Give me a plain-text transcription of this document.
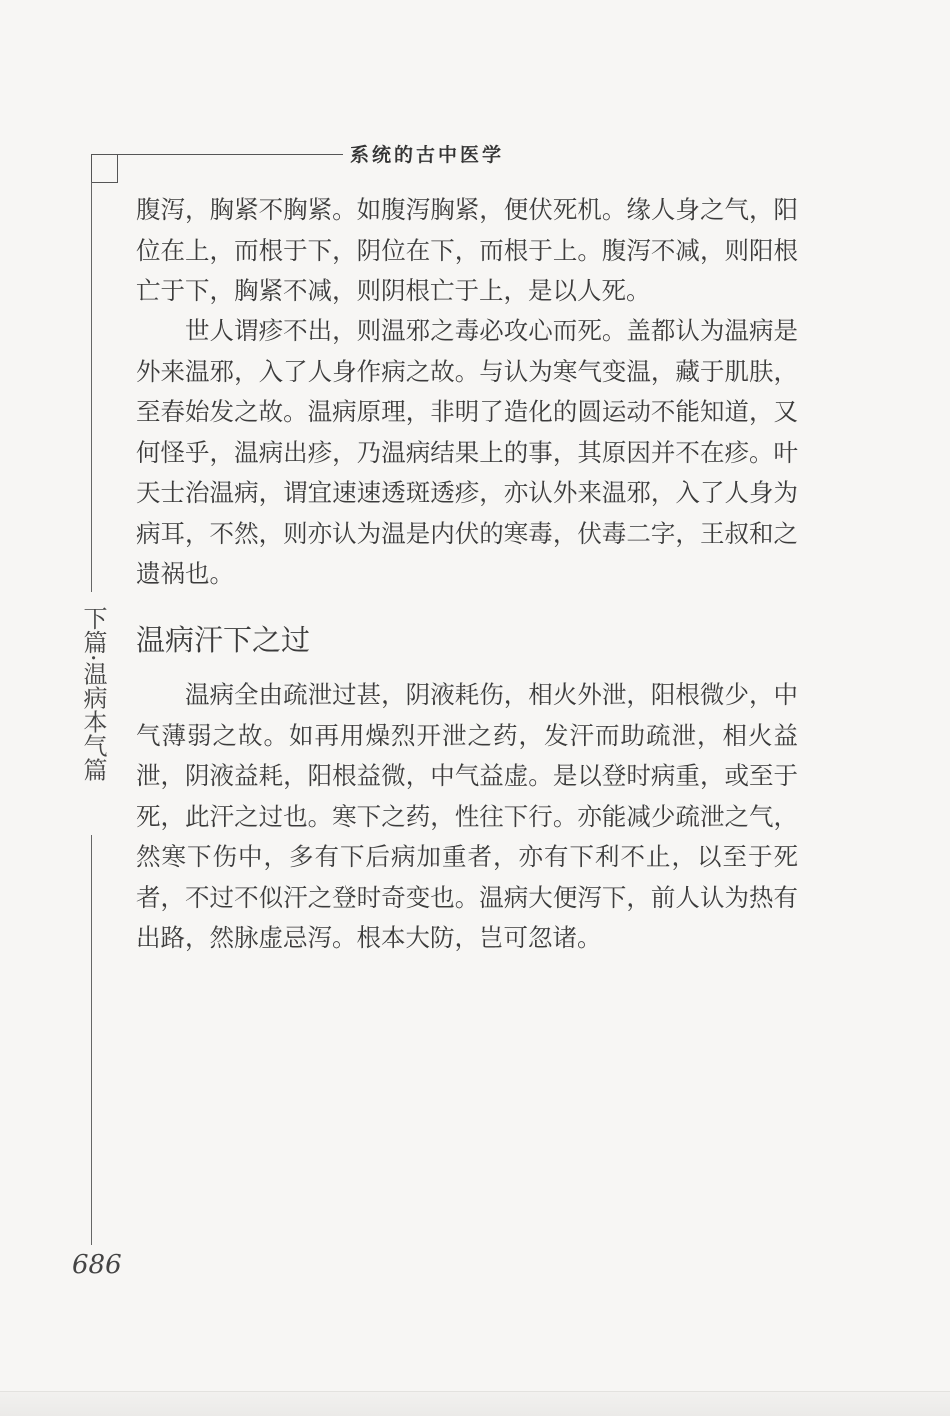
系统的古中医学
下篇·温病本气篇

腹泻，胸紧不胸紧。如腹泻胸紧，便伏死机。缘人身之气，阳位在上，而根于下，阴位在下，而根于上。腹泻不减，则阳根亡于下，胸紧不减，则阴根亡于上，是以人死。

世人谓疹不出，则温邪之毒必攻心而死。盖都认为温病是外来温邪，入了人身作病之故。与认为寒气变温，藏于肌肤，至春始发之故。温病原理，非明了造化的圆运动不能知道，又何怪乎，温病出疹，乃温病结果上的事，其原因并不在疹。叶天士治温病，谓宜速速透斑透疹，亦认外来温邪，入了人身为病耳，不然，则亦认为温是内伏的寒毒，伏毒二字，王叔和之遗祸也。

温病汗下之过

温病全由疏泄过甚，阴液耗伤，相火外泄，阳根微少，中气薄弱之故。如再用燥烈开泄之药，发汗而助疏泄，相火益泄，阴液益耗，阳根益微，中气益虚。是以登时病重，或至于死，此汗之过也。寒下之药，性往下行。亦能减少疏泄之气，然寒下伤中，多有下后病加重者，亦有下利不止，以至于死者，不过不似汗之登时奇变也。温病大便泻下，前人认为热有出路，然脉虚忌泻。根本大防，岂可忽诸。

686
